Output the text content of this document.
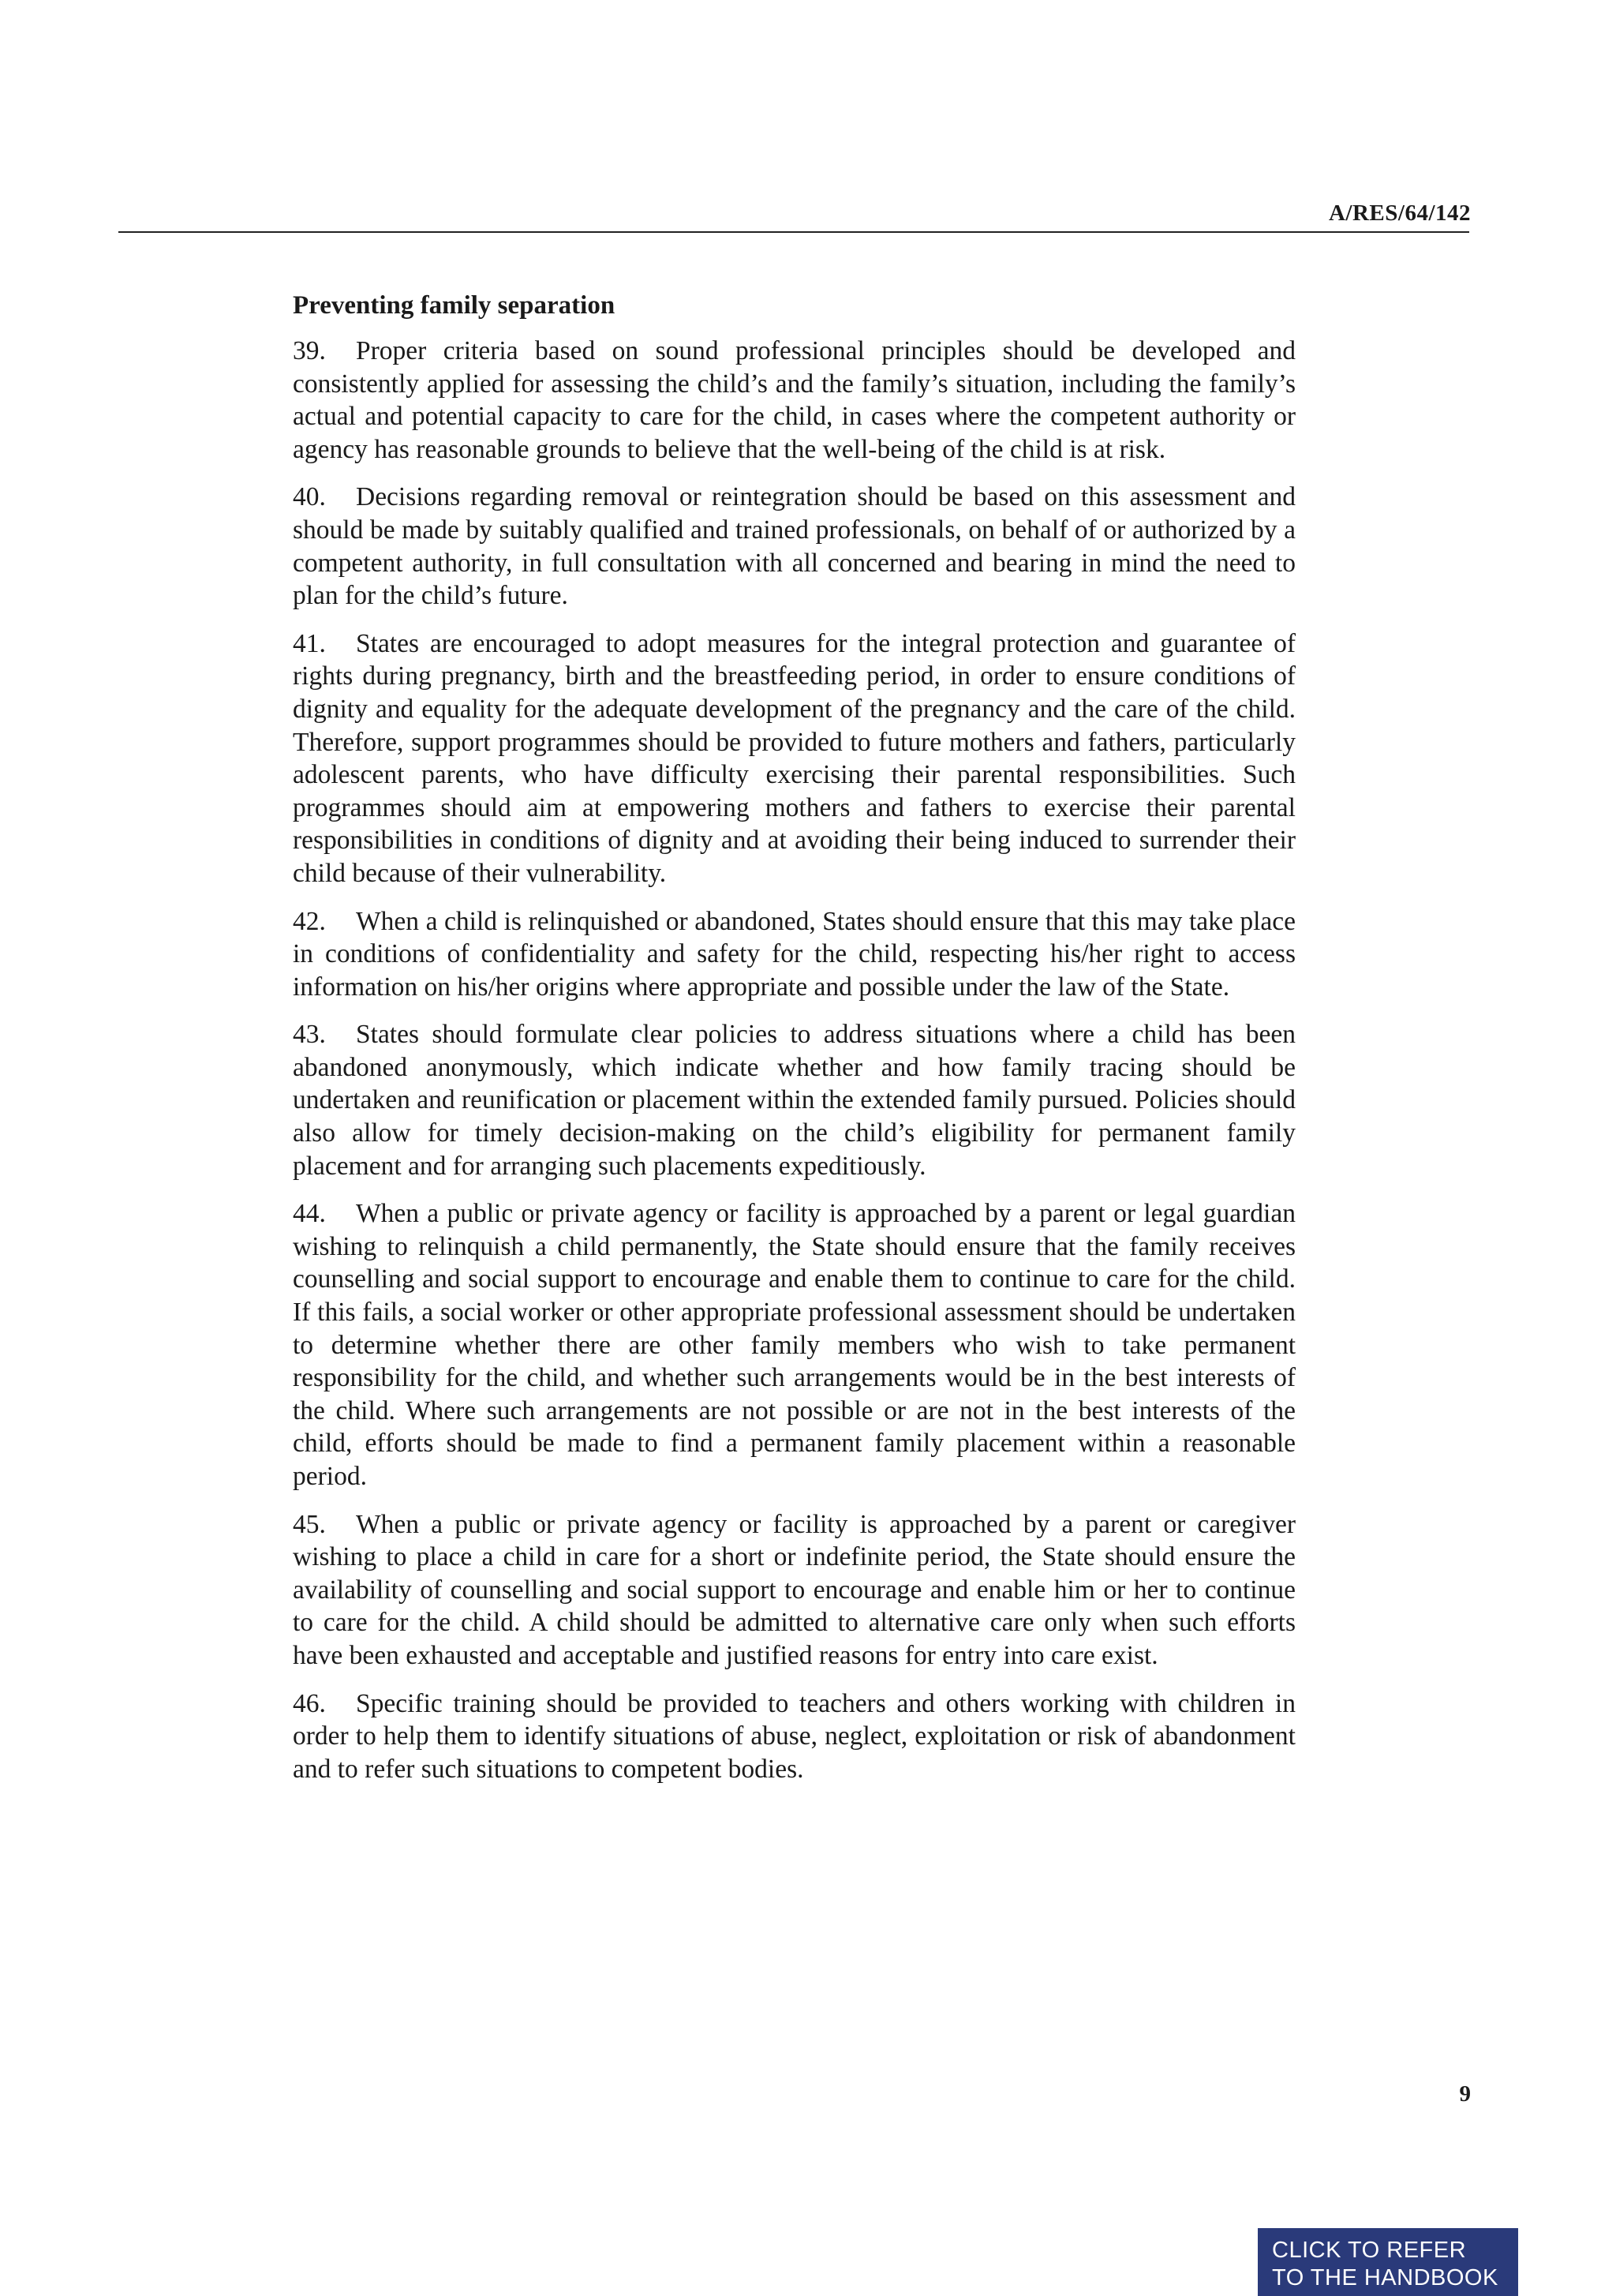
A/RES/64/142
Preventing family separation

39. Proper criteria based on sound professional principles should be developed and consistently applied for assessing the child’s and the family’s situation, including the family’s actual and potential capacity to care for the child, in cases where the competent authority or agency has reasonable grounds to believe that the well-being of the child is at risk.

40. Decisions regarding removal or reintegration should be based on this assessment and should be made by suitably qualified and trained professionals, on behalf of or authorized by a competent authority, in full consultation with all concerned and bearing in mind the need to plan for the child’s future.

41. States are encouraged to adopt measures for the integral protection and guarantee of rights during pregnancy, birth and the breastfeeding period, in order to ensure conditions of dignity and equality for the adequate development of the pregnancy and the care of the child. Therefore, support programmes should be provided to future mothers and fathers, particularly adolescent parents, who have difficulty exercising their parental responsibilities. Such programmes should aim at empowering mothers and fathers to exercise their parental responsibilities in conditions of dignity and at avoiding their being induced to surrender their child because of their vulnerability.

42. When a child is relinquished or abandoned, States should ensure that this may take place in conditions of confidentiality and safety for the child, respecting his/her right to access information on his/her origins where appropriate and possible under the law of the State.

43. States should formulate clear policies to address situations where a child has been abandoned anonymously, which indicate whether and how family tracing should be undertaken and reunification or placement within the extended family pursued. Policies should also allow for timely decision-making on the child’s eligibility for permanent family placement and for arranging such placements expeditiously.

44. When a public or private agency or facility is approached by a parent or legal guardian wishing to relinquish a child permanently, the State should ensure that the family receives counselling and social support to encourage and enable them to continue to care for the child. If this fails, a social worker or other appropriate professional assessment should be undertaken to determine whether there are other family members who wish to take permanent responsibility for the child, and whether such arrangements would be in the best interests of the child. Where such arrangements are not possible or are not in the best interests of the child, efforts should be made to find a permanent family placement within a reasonable period.

45. When a public or private agency or facility is approached by a parent or caregiver wishing to place a child in care for a short or indefinite period, the State should ensure the availability of counselling and social support to encourage and enable him or her to continue to care for the child. A child should be admitted to alternative care only when such efforts have been exhausted and acceptable and justified reasons for entry into care exist.

46. Specific training should be provided to teachers and others working with children in order to help them to identify situations of abuse, neglect, exploitation or risk of abandonment and to refer such situations to competent bodies.

9
CLICK TO REFER
TO THE HANDBOOK
